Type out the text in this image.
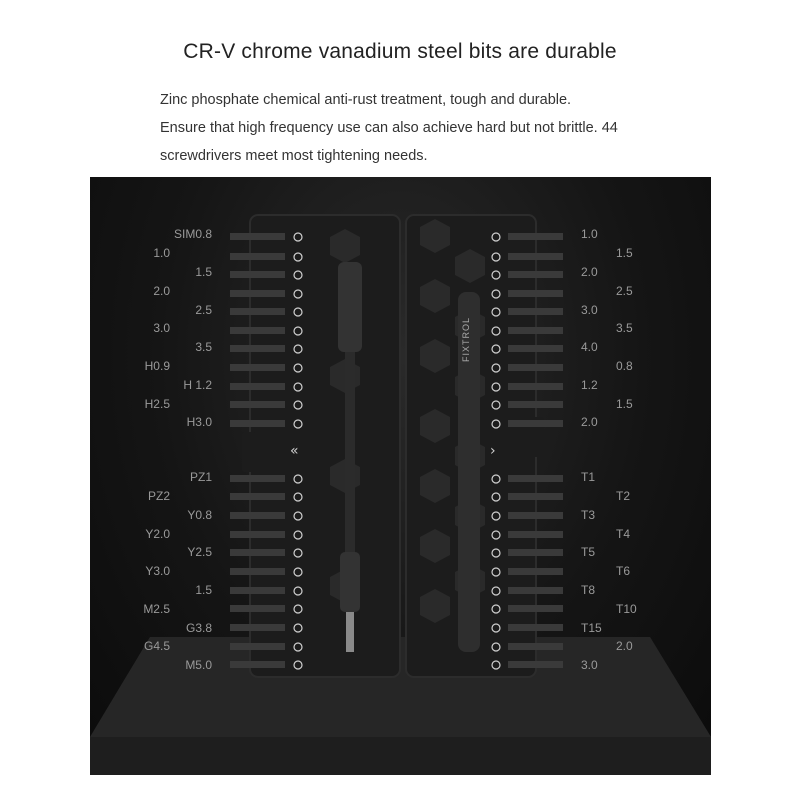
CR-V chrome vanadium steel bits are durable
Zinc phosphate chemical anti-rust treatment, tough and durable.
Ensure that high frequency use can also achieve hard but not brittle. 44
screwdrivers meet most tightening needs.
«	›
SIM0.8
1.0
1.5
2.0
2.5
3.0
3.5
H0.9
H 1.2
H2.5
H3.0
PZ1
PZ2
Y0.8
Y2.0
Y2.5
Y3.0
1.5
M2.5
G3.8
G4.5
M5.0
1.0
1.5
2.0
2.5
3.0
3.5
4.0
0.8
1.2
1.5
2.0
T1
T2
T3
T4
T5
T6
T8
T10
T15
2.0
3.0
FIXTROL
